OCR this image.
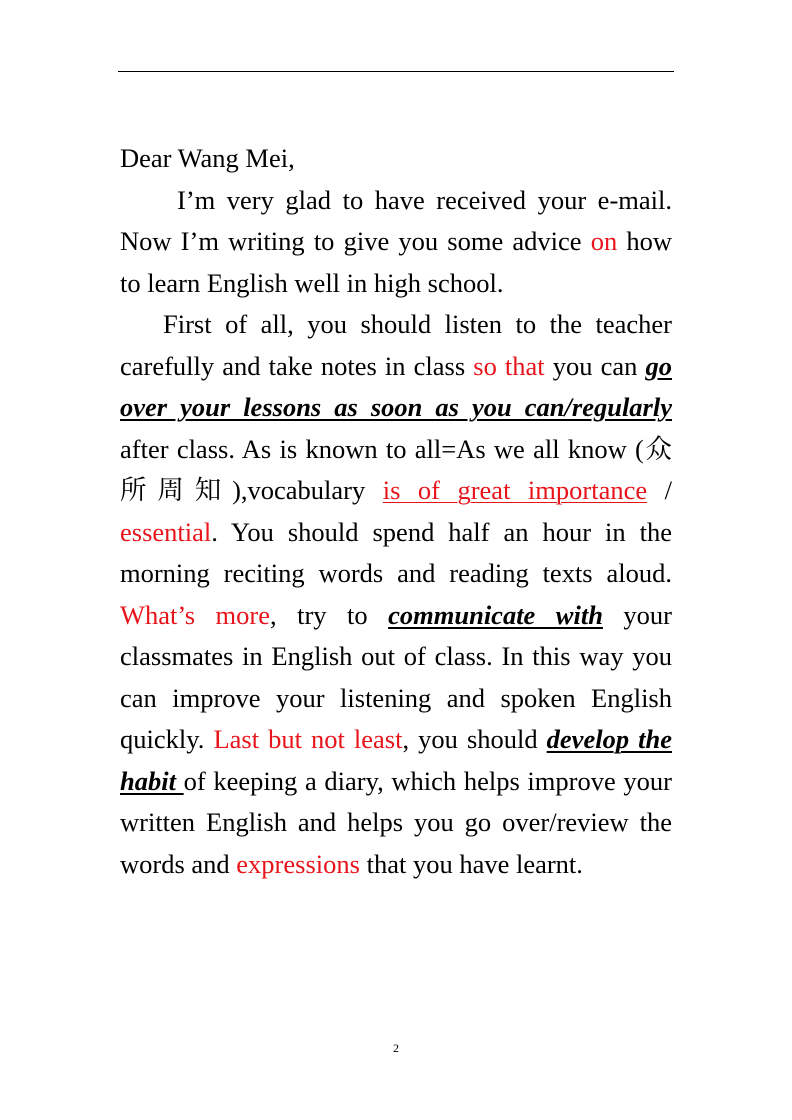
Dear Wang Mei,

I’m very glad to have received your e-mail. Now I’m writing to give you some advice on how to learn English well in high school.

First of all, you should listen to the teacher carefully and take notes in class so that you can go over your lessons as soon as you can/regularly after class. As is known to all=As we all know (众所周知),vocabulary is of great importance / essential. You should spend half an hour in the morning reciting words and reading texts aloud. What’s more, try to communicate with your classmates in English out of class. In this way you can improve your listening and spoken English quickly. Last but not least, you should develop the habit of keeping a diary, which helps improve your written English and helps you go over/review the words and expressions that you have learnt.

2
